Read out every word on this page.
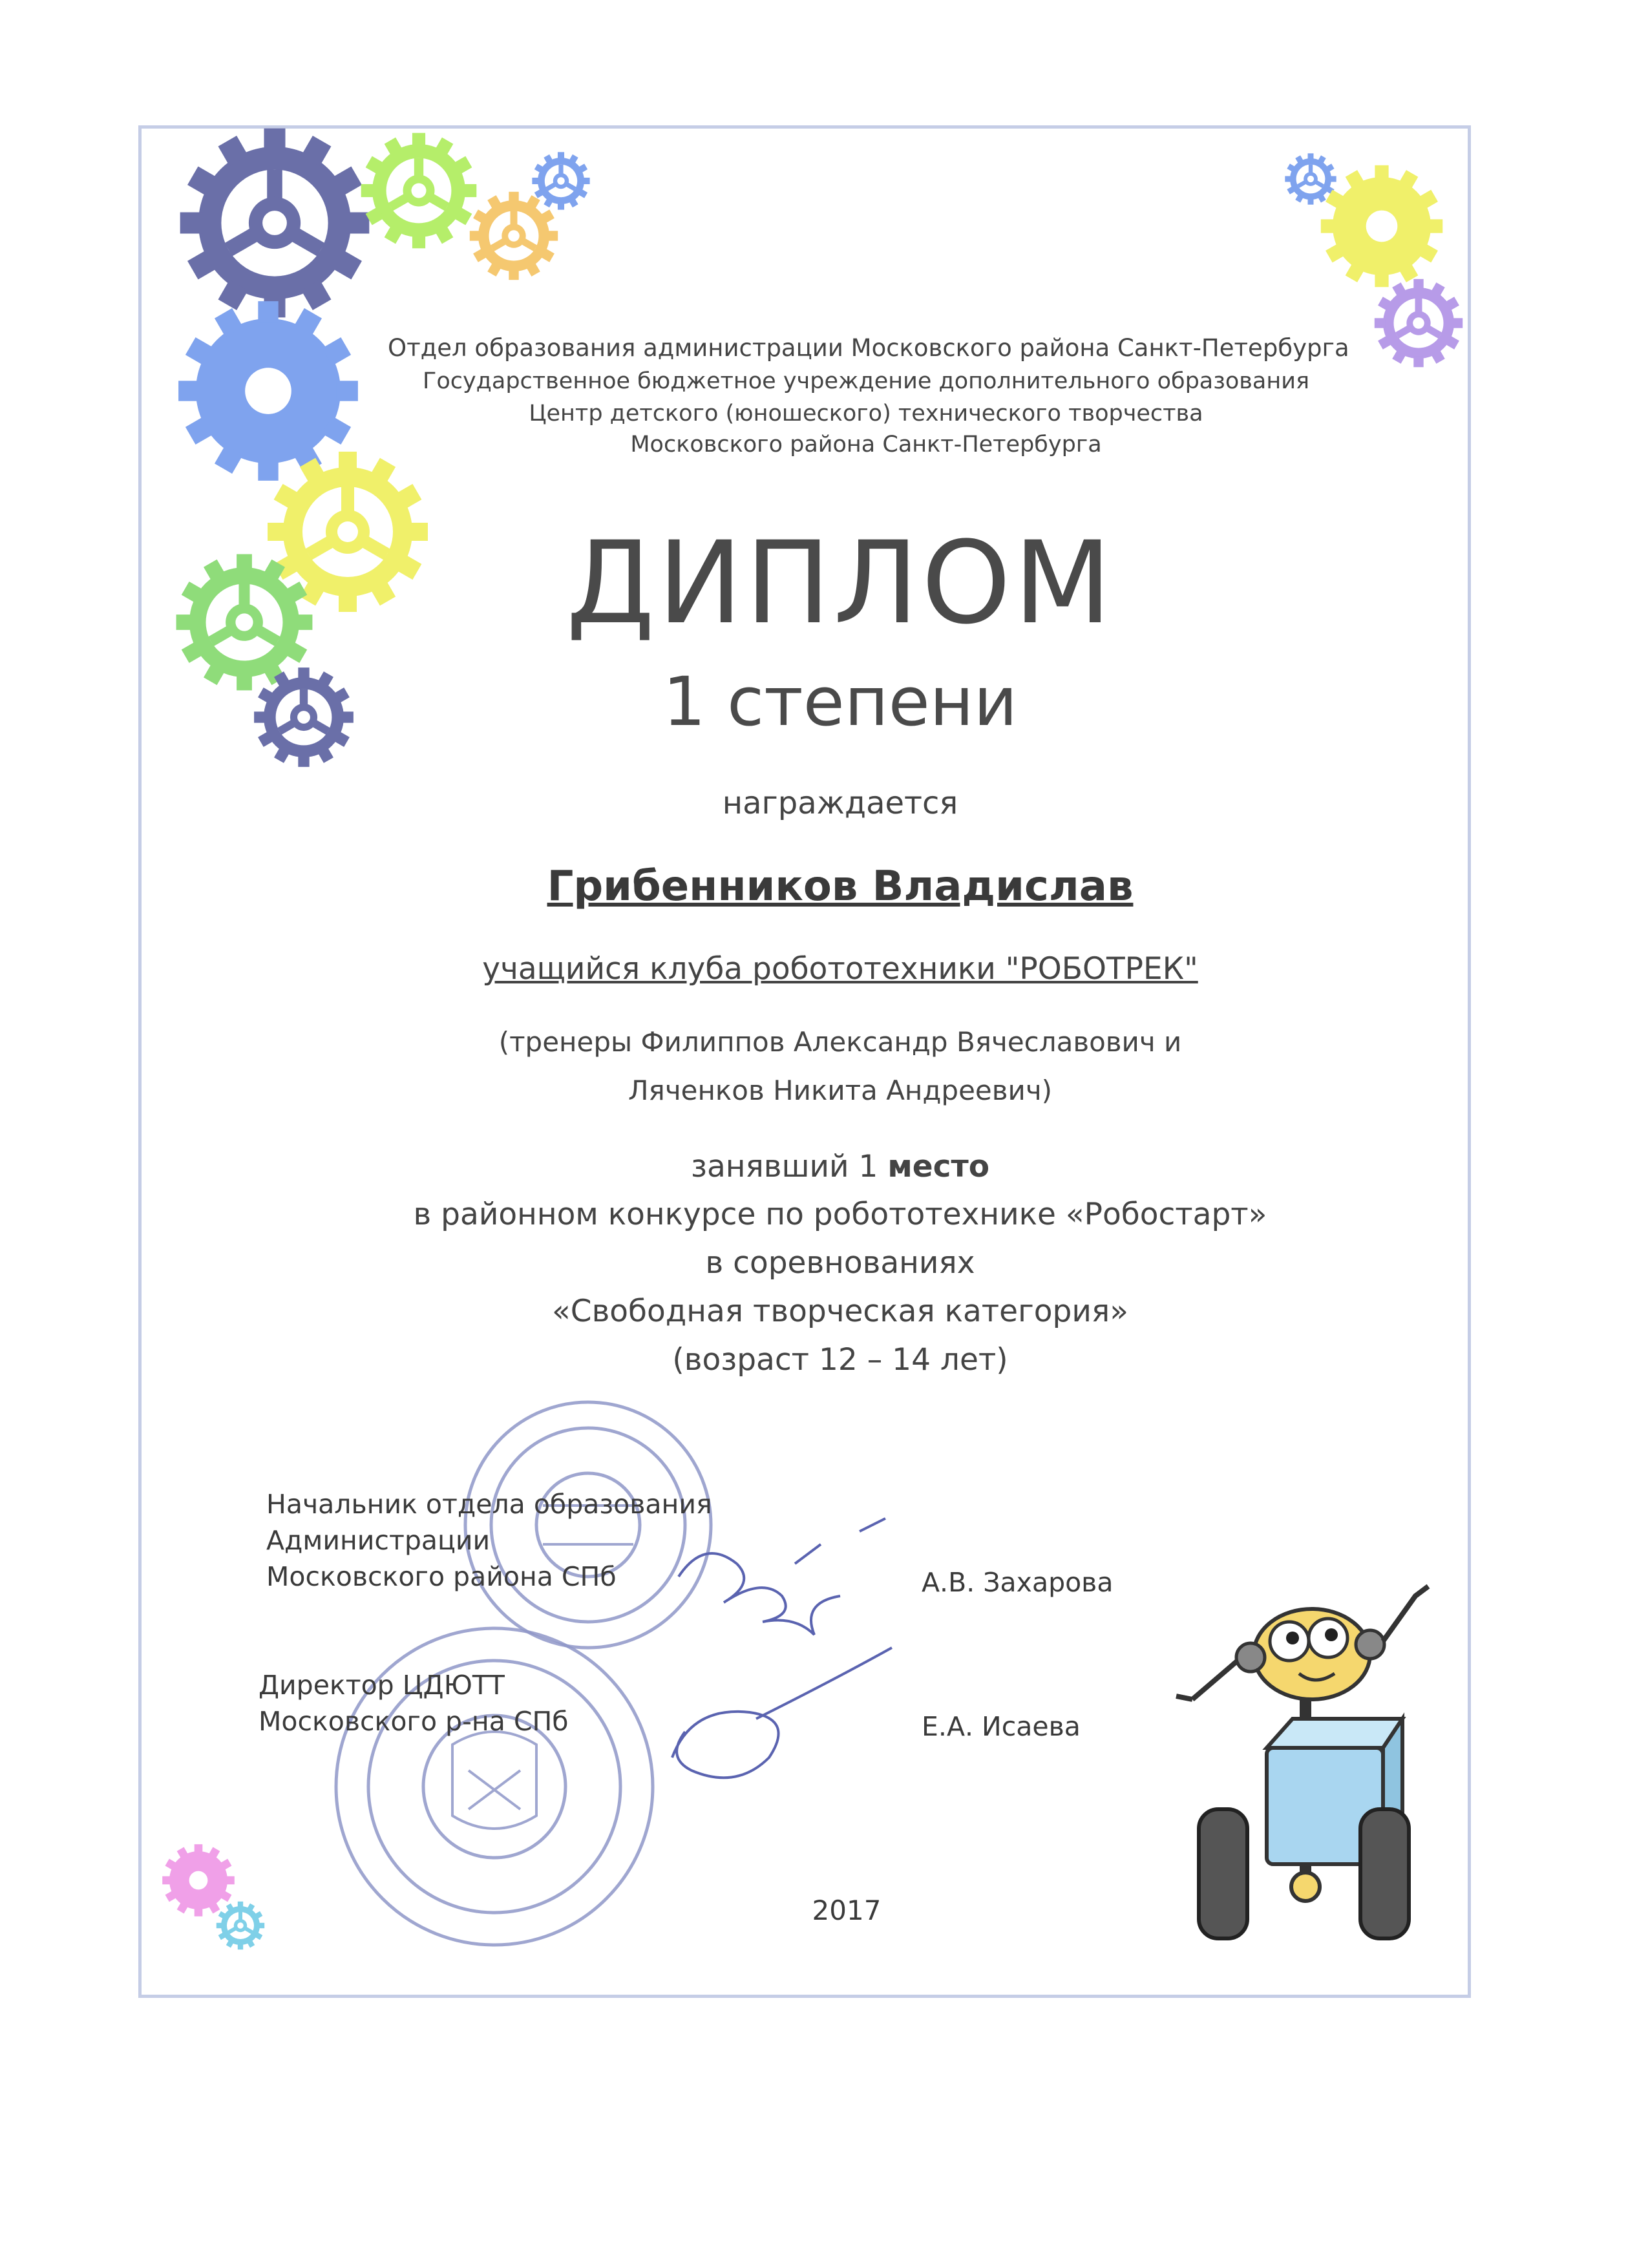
Отдел образования администрации Московского района Санкт-Петербурга
Государственное бюджетное учреждение дополнительного образования
Центр детского (юношеского) технического творчества
Московского района Санкт-Петербурга
ДИПЛОМ
1 степени
награждается
Грибенников Владислав
учащийся клуба робототехники "РОБОТРЕК"
(тренеры Филиппов Александр Вячеславович и
Ляченков Никита Андреевич)
занявший 1 место
в районном конкурсе по робототехнике «Робостарт»
в соревнованиях
«Свободная творческая категория»
(возраст 12 – 14 лет)
Начальник отдела образования
Администрации
Московского района СПб	А.В. Захарова
Директор ЦДЮТТ
Московского р-на СПб	Е.А. Исаева
2017
